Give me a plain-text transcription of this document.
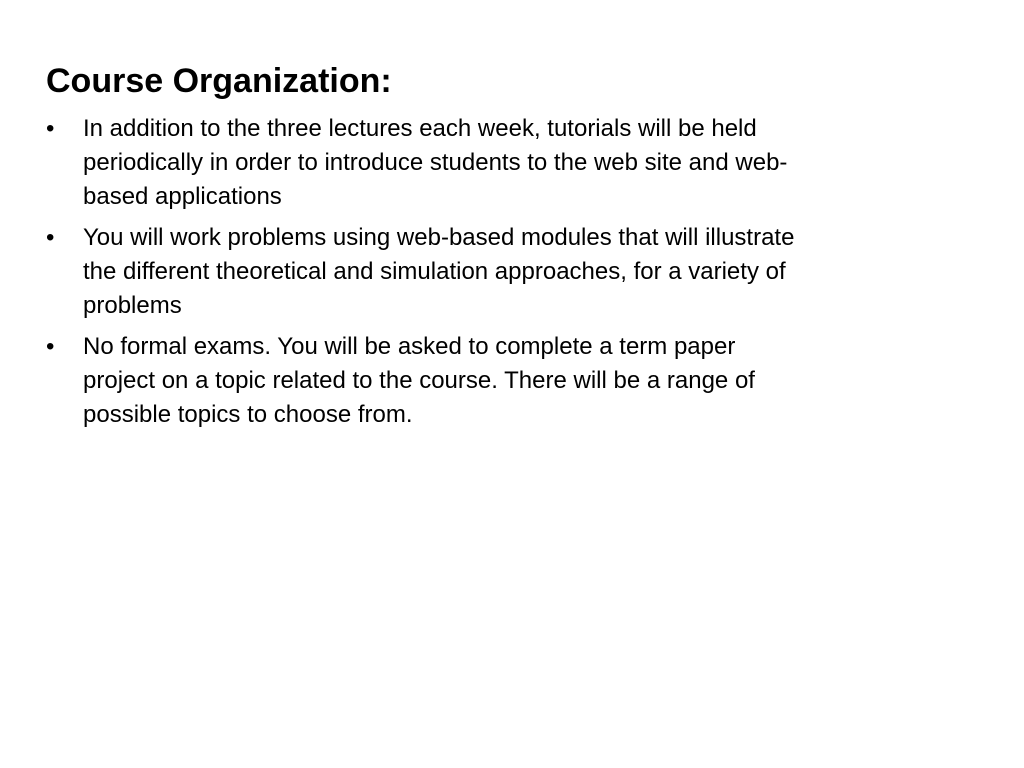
Course Organization:
•	In addition to the three lectures each week, tutorials will be held
periodically in order to introduce students to the web site and web-
based applications
•	You will work problems using web-based modules that will illustrate
the different theoretical and simulation approaches, for a variety of
problems
•	No formal exams. You will be asked to complete a term paper
project on a topic related to the course. There will be a range of
possible topics to choose from.
